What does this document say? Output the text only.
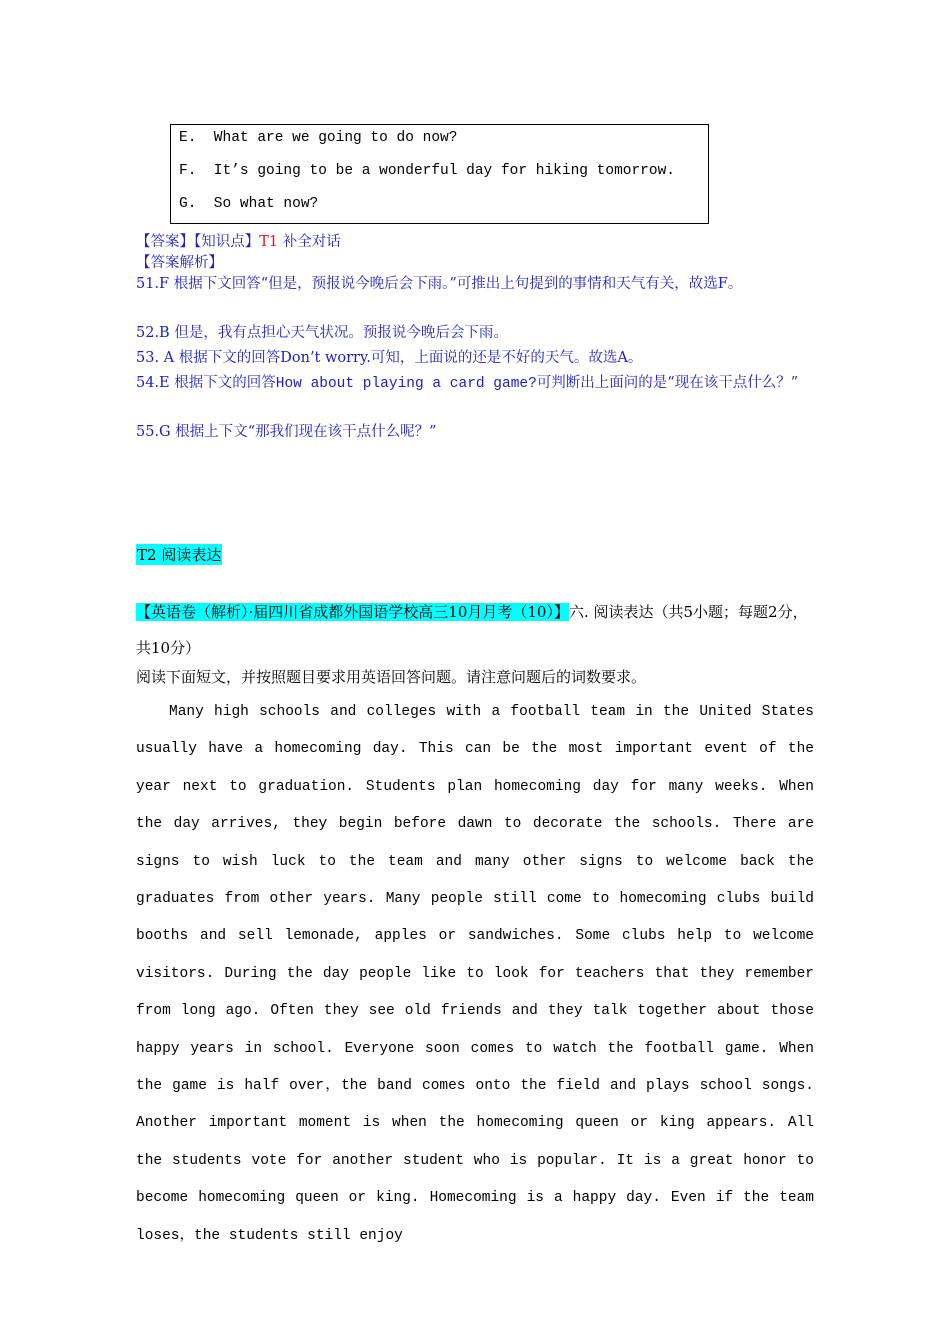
E.  What are we going to do now?
F.  It’s going to be a wonderful day for hiking tomorrow.
G.  So what now?
【答案】【知识点】T1 补全对话
【答案解析】
51.F 根据下文回答“但是，预报说今晚后会下雨。”可推出上句提到的事情和天气有关，故选F。
52.B 但是，我有点担心天气状况。预报说今晚后会下雨。
53. A 根据下文的回答Don’t worry.可知，上面说的还是不好的天气。故选A。
54.E 根据下文的回答How about playing a card game?可判断出上面问的是“现在该干点什么？”
55.G 根据上下文“那我们现在该干点什么呢？”
T2 阅读表达
【英语卷（解析）·届四川省成都外国语学校高三10月月考（10）】六. 阅读表达（共5小题；每题2分，共10分）
阅读下面短文，并按照题目要求用英语回答问题。请注意问题后的词数要求。
Many high schools and colleges with a football team in the United States usually have a homecoming day. This can be the most important event of the year next to graduation. Students plan homecoming day for many weeks. When the day arrives, they begin before dawn to decorate the schools. There are signs to wish luck to the team and many other signs to welcome back the graduates from other years. Many people still come to homecoming clubs build booths and sell lemonade, apples or sandwiches. Some clubs help to welcome visitors. During the day people like to look for teachers that they remember from long ago. Often they see old friends and they talk together about those happy years in school. Everyone soon comes to watch the football game. When the game is half over，the band comes onto the field and plays school songs. Another important moment is when the homecoming queen or king appears. All the students vote for another student who is popular. It is a great honor to become homecoming queen or king. Homecoming is a happy day. Even if the team loses，the students still enjoy
